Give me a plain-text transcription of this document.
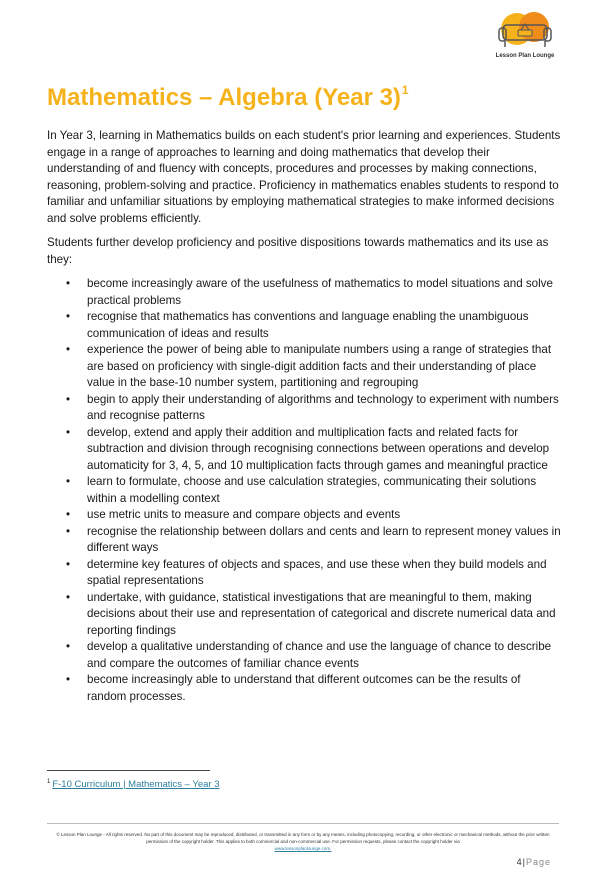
Lesson Plan Lounge
Mathematics – Algebra (Year 3)$^1$

In Year 3, learning in Mathematics builds on each student's prior learning and experiences. Students engage in a range of approaches to learning and doing mathematics that develop their understanding of and fluency with concepts, procedures and processes by making connections, reasoning, problem-solving and practice. Proficiency in mathematics enables students to respond to familiar and unfamiliar situations by employing mathematical strategies to make informed decisions and solve problems efficiently.

Students further develop proficiency and positive dispositions towards mathematics and its use as they:

• become increasingly aware of the usefulness of mathematics to model situations and solve practical problems
• recognise that mathematics has conventions and language enabling the unambiguous communication of ideas and results
• experience the power of being able to manipulate numbers using a range of strategies that are based on proficiency with single-digit addition facts and their understanding of place value in the base-10 number system, partitioning and regrouping
• begin to apply their understanding of algorithms and technology to experiment with numbers and recognise patterns
• develop, extend and apply their addition and multiplication facts and related facts for subtraction and division through recognising connections between operations and develop automaticity for 3, 4, 5, and 10 multiplication facts through games and meaningful practice
• learn to formulate, choose and use calculation strategies, communicating their solutions within a modelling context
• use metric units to measure and compare objects and events
• recognise the relationship between dollars and cents and learn to represent money values in different ways
• determine key features of objects and spaces, and use these when they build models and spatial representations
• undertake, with guidance, statistical investigations that are meaningful to them, making decisions about their use and representation of categorical and discrete numerical data and reporting findings
• develop a qualitative understanding of chance and use the language of chance to describe and compare the outcomes of familiar chance events
• become increasingly able to understand that different outcomes can be the results of random processes.
$^1$ F-10 Curriculum | Mathematics – Year 3
© Lesson Plan Lounge - All rights reserved. No part of this document may be reproduced, distributed, or transmitted in any form or by any means, including photocopying, recording, or other electronic or mechanical methods, without the prior written permission of the copyright holder. This applies to both commercial and non-commercial use. For permission requests, please contact the copyright holder via
www.lessonplanlounge.com.
4|Page
